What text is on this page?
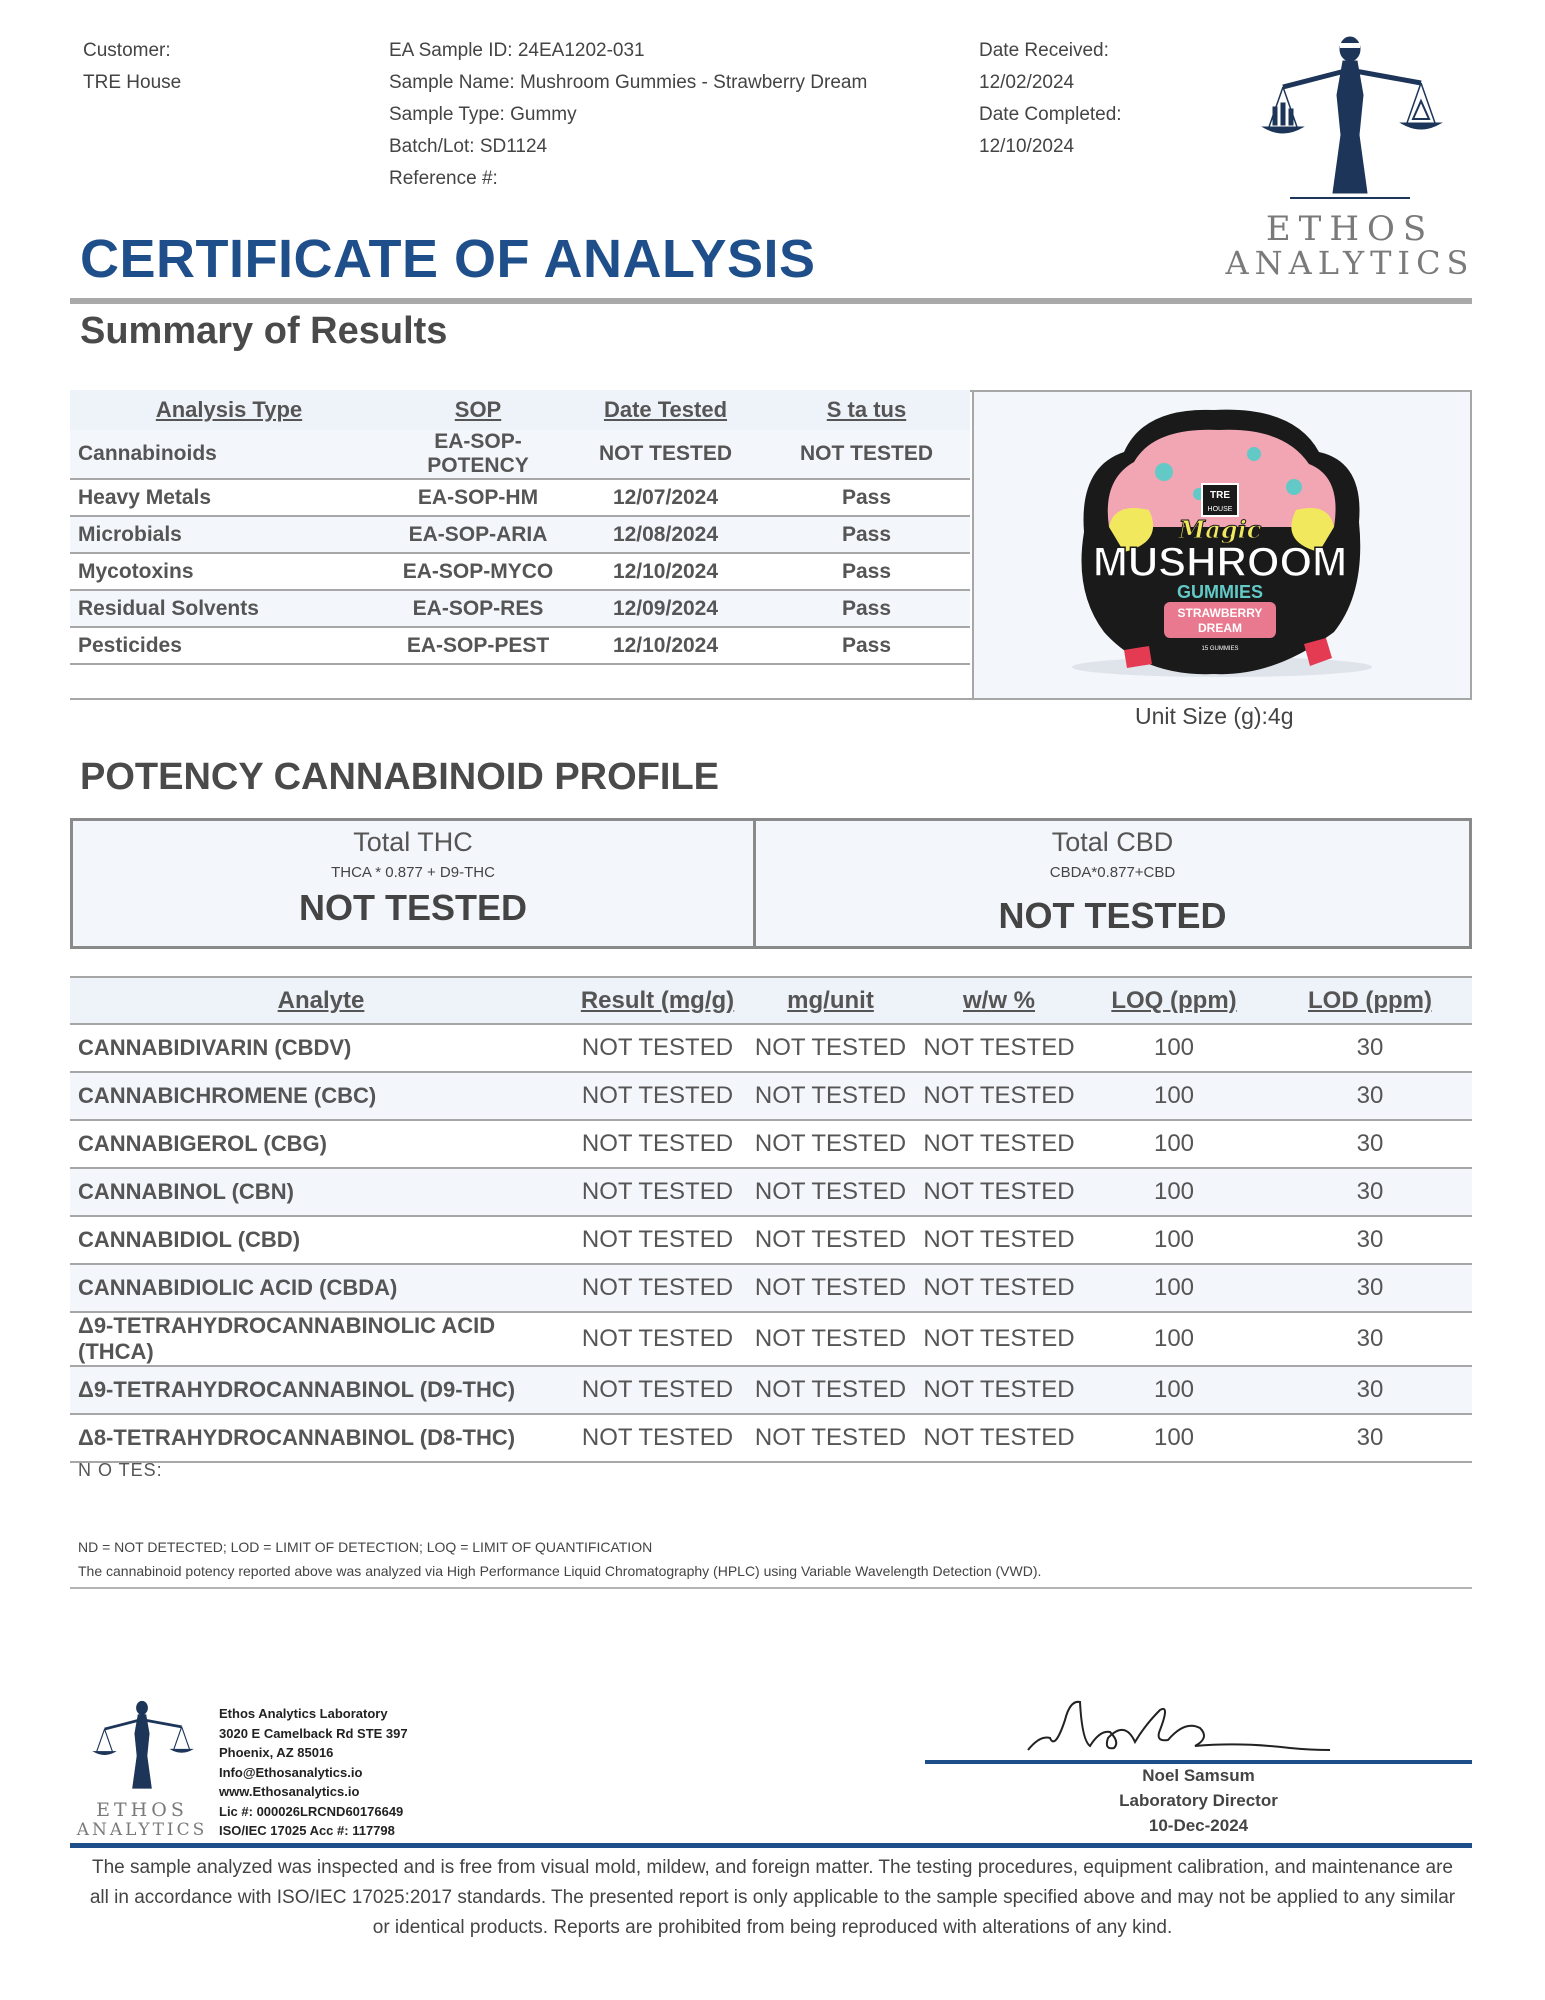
Customer:
TRE House
EA Sample ID: 24EA1202-031
Sample Name: Mushroom Gummies - Strawberry Dream
Sample Type: Gummy
Batch/Lot: SD1124
Reference #:
Date Received:
12/02/2024
Date Completed:
12/10/2024
ETHOS
ANALYTICS
CERTIFICATE OF ANALYSIS
Summary of Results
Analysis Type	SOP	Date Tested	S ta tus
Cannabinoids	EA-SOP-POTENCY	NOT TESTED	NOT TESTED
Heavy Metals	EA-SOP-HM	12/07/2024	Pass
Microbials	EA-SOP-ARIA	12/08/2024	Pass
Mycotoxins	EA-SOP-MYCO	12/10/2024	Pass
Residual Solvents	EA-SOP-RES	12/09/2024	Pass
Pesticides	EA-SOP-PEST	12/10/2024	Pass
TRE
HOUSE
Magic
MUSHROOM
GUMMIES
STRAWBERRY
DREAM
15 GUMMIES
Unit Size (g):4g
POTENCY CANNABINOID PROFILE
Total THC
THCA * 0.877 + D9-THC
NOT TESTED
Total CBD
CBDA*0.877+CBD
NOT TESTED
Analyte	Result (mg/g)	mg/unit	w/w %	LOQ (ppm)	LOD (ppm)
CANNABIDIVARIN (CBDV)	NOT TESTED	NOT TESTED	NOT TESTED	100	30
CANNABICHROMENE (CBC)	NOT TESTED	NOT TESTED	NOT TESTED	100	30
CANNABIGEROL (CBG)	NOT TESTED	NOT TESTED	NOT TESTED	100	30
CANNABINOL (CBN)	NOT TESTED	NOT TESTED	NOT TESTED	100	30
CANNABIDIOL (CBD)	NOT TESTED	NOT TESTED	NOT TESTED	100	30
CANNABIDIOLIC ACID (CBDA)	NOT TESTED	NOT TESTED	NOT TESTED	100	30
Δ9-TETRAHYDROCANNABINOLIC ACID (THCA)	NOT TESTED	NOT TESTED	NOT TESTED	100	30
Δ9-TETRAHYDROCANNABINOL (D9-THC)	NOT TESTED	NOT TESTED	NOT TESTED	100	30
Δ8-TETRAHYDROCANNABINOL (D8-THC)	NOT TESTED	NOT TESTED	NOT TESTED	100	30
N O TES:
ND = NOT DETECTED; LOD = LIMIT OF DETECTION; LOQ = LIMIT OF QUANTIFICATION
The cannabinoid potency reported above was analyzed via High Performance Liquid Chromatography (HPLC) using Variable Wavelength Detection (VWD).
ETHOS
ANALYTICS
Ethos Analytics Laboratory
3020 E Camelback Rd STE 397
Phoenix, AZ 85016
Info@Ethosanalytics.io
www.Ethosanalytics.io
Lic #: 000026LRCND60176649
ISO/IEC 17025 Acc #: 117798
Noel Samsum
Laboratory Director
10-Dec-2024
The sample analyzed was inspected and is free from visual mold, mildew, and foreign matter. The testing procedures, equipment calibration, and maintenance are all in accordance with ISO/IEC 17025:2017 standards. The presented report is only applicable to the sample specified above and may not be applied to any similar or identical products. Reports are prohibited from being reproduced with alterations of any kind.
